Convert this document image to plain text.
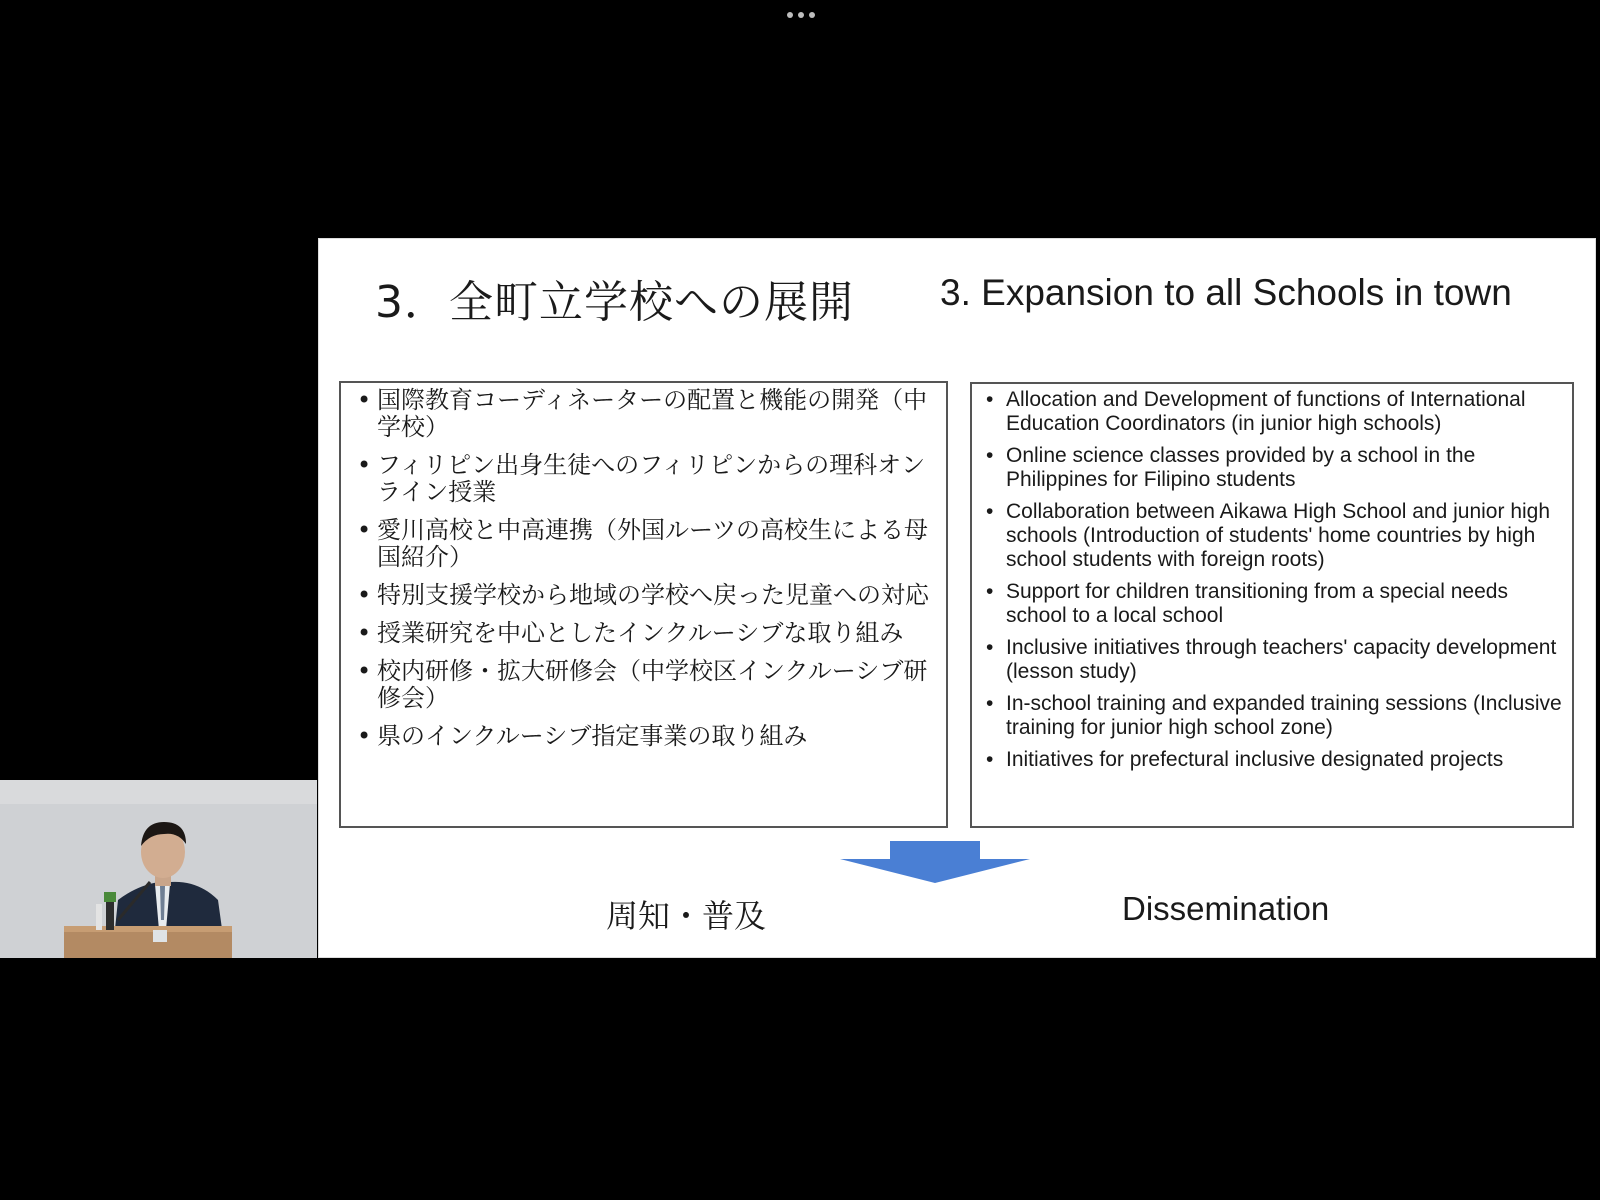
3．全町立学校への展開 3. Expansion to all Schools in town
• 国際教育コーディネーターの配置と機能の開発（中学校）
• フィリピン出身生徒へのフィリピンからの理科オンライン授業
• 愛川高校と中高連携（外国ルーツの高校生による母国紹介）
• 特別支援学校から地域の学校へ戻った児童への対応
• 授業研究を中心としたインクルーシブな取り組み
• 校内研修・拡大研修会（中学校区インクルーシブ研修会）
• 県のインクルーシブ指定事業の取り組み
• Allocation and Development of functions of International Education Coordinators (in junior high schools)
• Online science classes provided by a school in the Philippines for Filipino students
• Collaboration between Aikawa High School and junior high schools (Introduction of students' home countries by high school students with foreign roots)
• Support for children transitioning from a special needs school to a local school
• Inclusive initiatives through teachers' capacity development (lesson study)
• In-school training and expanded training sessions (Inclusive training for junior high school zone)
• Initiatives for prefectural inclusive designated projects
周知・普及	Dissemination
